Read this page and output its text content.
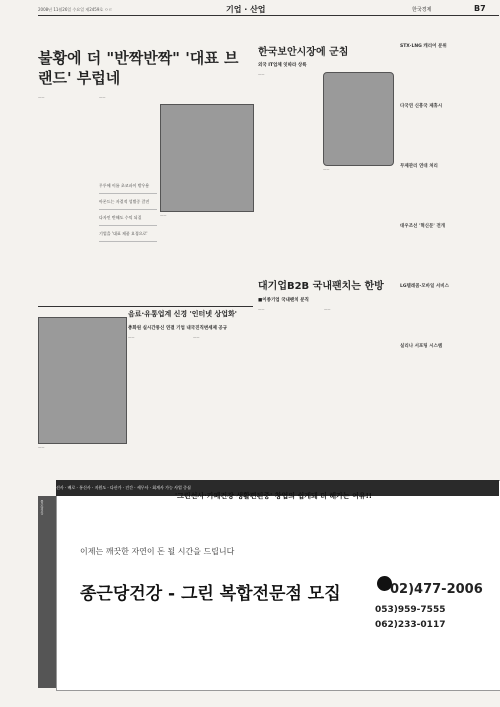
2008년 11월26일 수요일 제2459호 ㅇㄹ	기업 · 산업	한국경제	B7
불황에 더 "반짝반짝" '대표 브랜드' 부럽네

——	——

무투에 이름 초코파이 밖우용
아몬드는 자결적 성별중 갈진
다자인 반해도 수익 되질
기업을 '대표 제품 요경으로'

——

한국보안시장에 군침
외국 IT업체 잇따라 상륙

——

——

대기업B2B 국내팬치는 한방
■이종기업 국내팬치 분직

——	——

음료·유통업계 신경 '인터넷 상업화'
총화원 실시간통신 연결 기업 내국진직변세제 공규

——

——	——

STX·LNG 캐리어 분위
다국연 신흥국 제휴시
무제관리 연대 처리
대우조선 '혁신문' 전개
LG텔레콤·모바일 서비스
실리나 서포팅 시스템
선사 · 배로 · 통신사 · 지원도 · 다산가 · 건간 · 세무사 · 회계사 가능 사업 중심
'그린선사·카페건강 생활편된중' 창업의 쉽게돼 더 해가는 여유!!
이제는 깨끗한 자연이 돈 될 시간을 드립니다
종근당건강 - 그린 복합전문점 모집	02)477-2006
053)959-7555
062)233-0117
종근당건강
